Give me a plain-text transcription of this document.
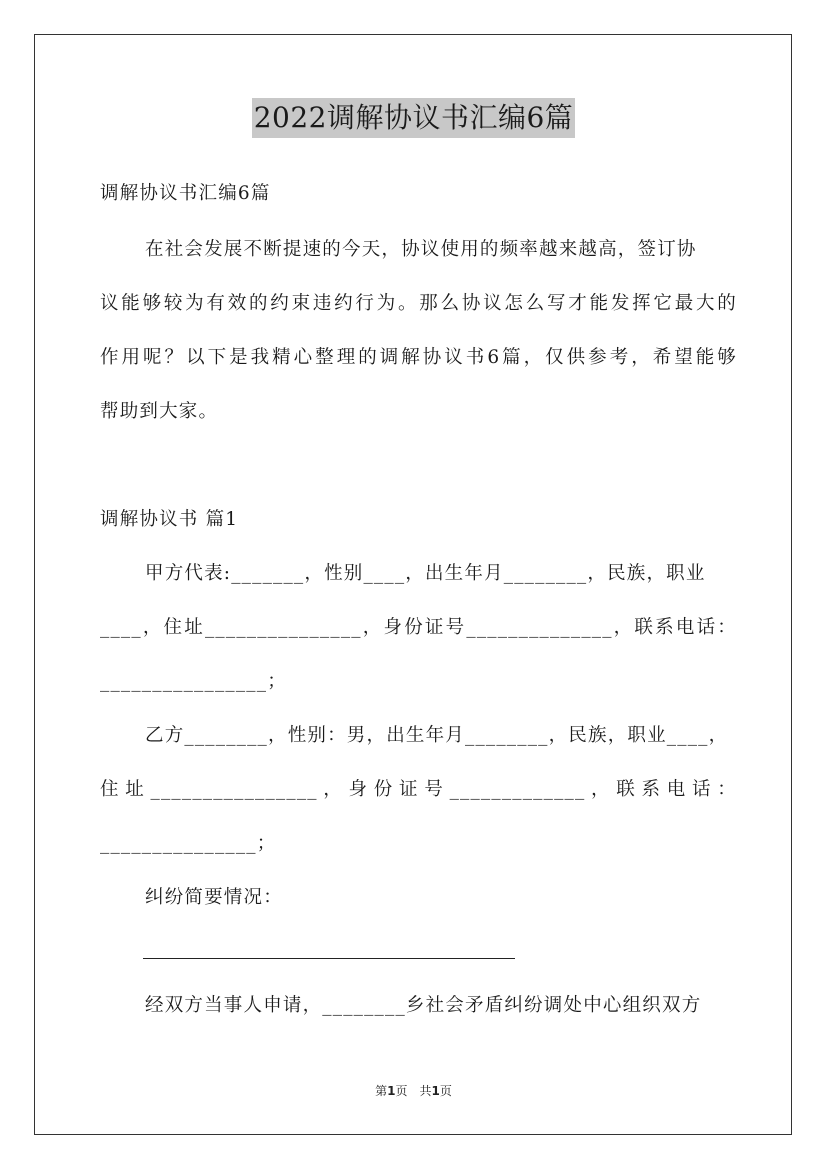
2022调解协议书汇编6篇
调解协议书汇编6篇
在社会发展不断提速的今天，协议使用的频率越来越高，签订协
议能够较为有效的约束违约行为。那么协议怎么写才能发挥它最大的
作用呢？以下是我精心整理的调解协议书6篇，仅供参考，希望能够
帮助到大家。
调解协议书 篇1
甲方代表:_______，性别____，出生年月________，民族，职业
____，住址_______________，身份证号______________，联系电话：
________________；
乙方________，性别：男，出生年月________，民族，职业____，
住址________________，身份证号_____________，联系电话：
_______________；
纠纷简要情况：
经双方当事人申请，________乡社会矛盾纠纷调处中心组织双方
第1页　共1页
